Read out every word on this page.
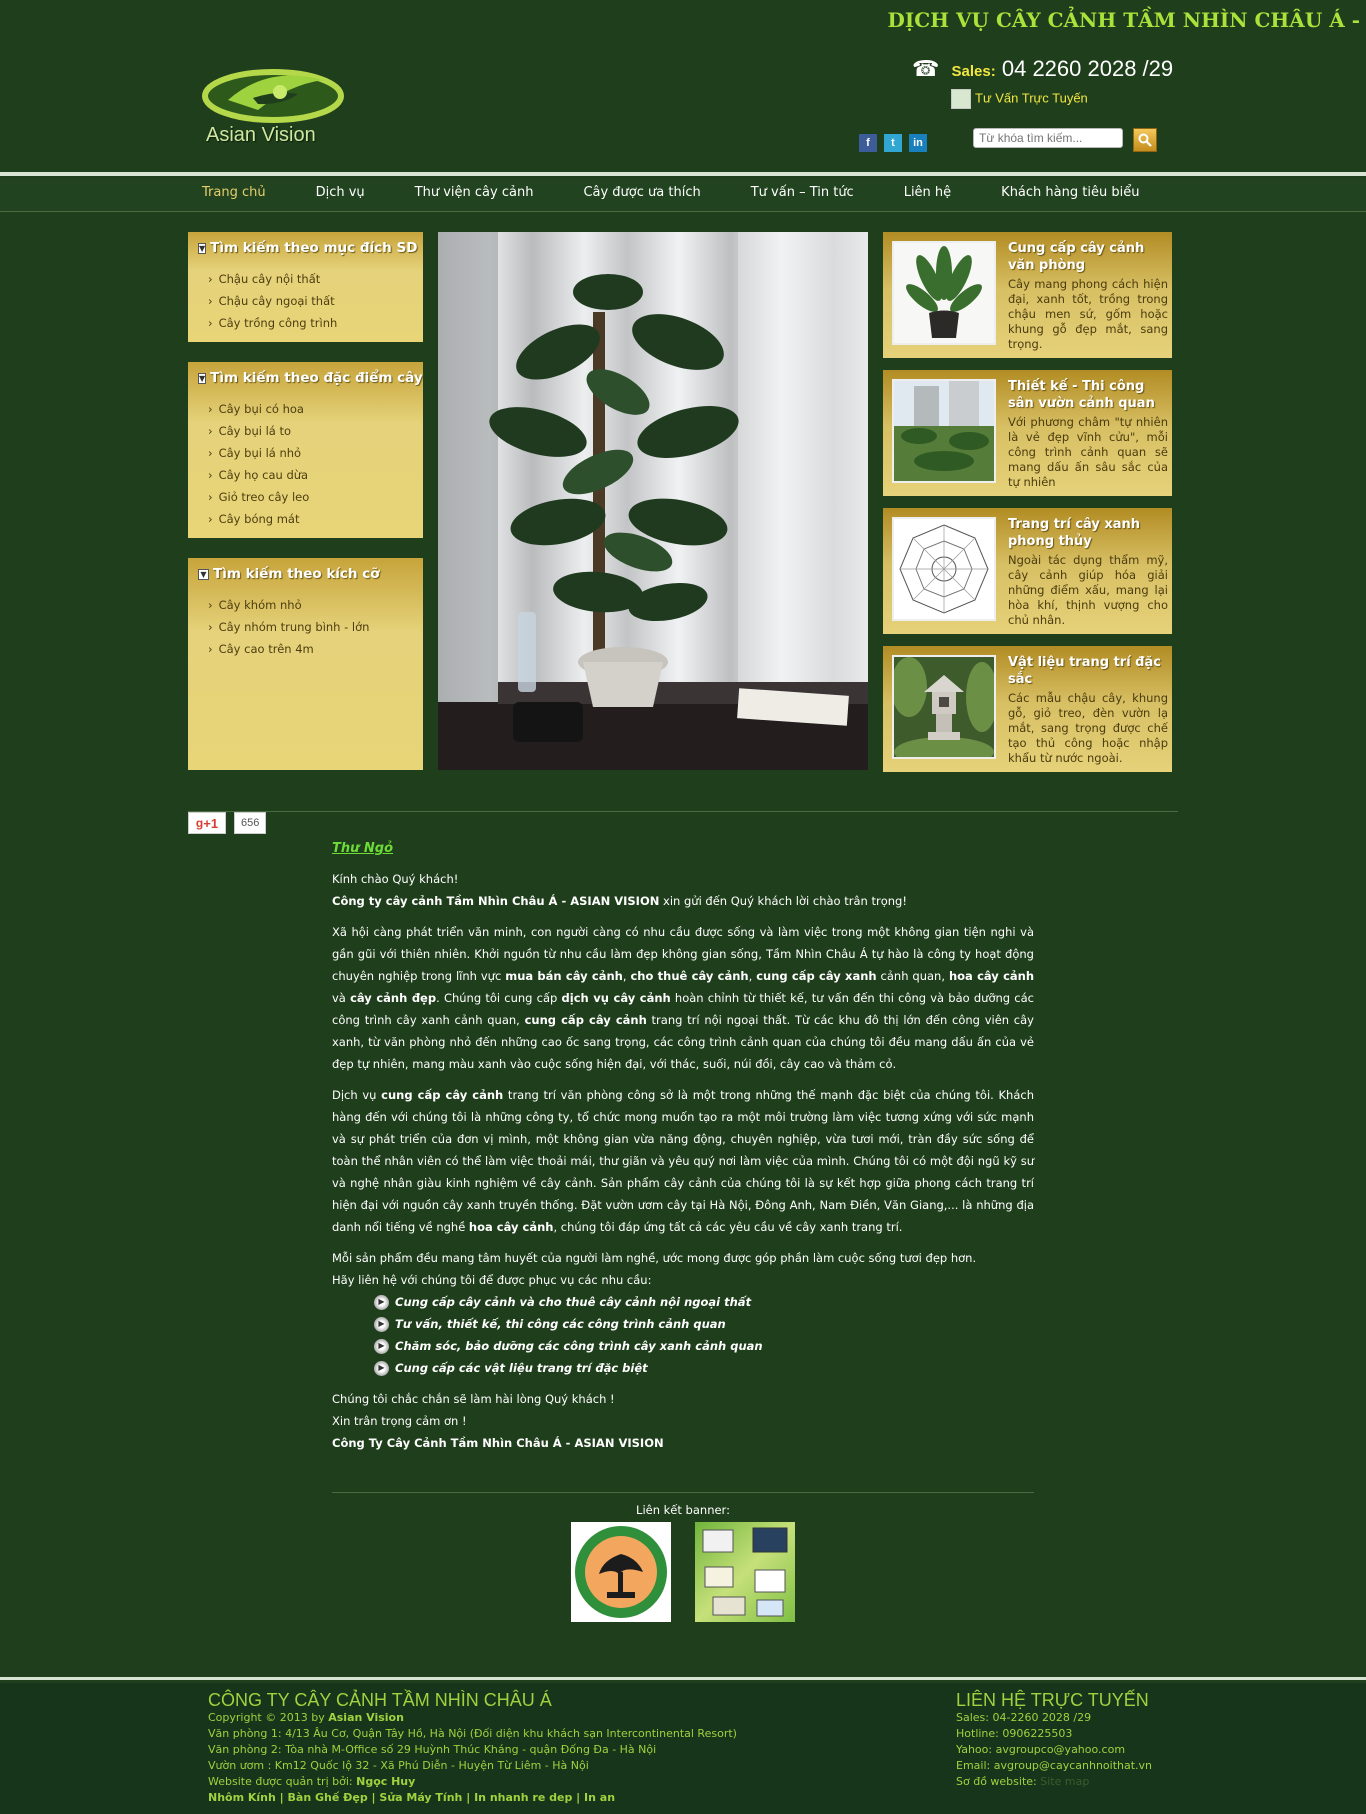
DỊCH VỤ CÂY CẢNH TẦM NHÌN CHÂU Á -
Asian Vision
☎ Sales: 04 2260 2028 /29
Tư Vấn Trực Tuyến
f	t	in
Từ khóa tìm kiếm...
Trang chủ	Dịch vụ	Thư viện cây cảnh	Cây được ưa thích	Tư vấn – Tin tức	Liên hệ	Khách hàng tiêu biểu
▼ Tìm kiếm theo mục đích SD
› Chậu cây nội thất
› Chậu cây ngoại thất
› Cây trồng công trình
▼ Tìm kiếm theo đặc điểm cây
› Cây bụi có hoa
› Cây bụi lá to
› Cây bụi lá nhỏ
› Cây họ cau dừa
› Giỏ treo cây leo
› Cây bóng mát
▼ Tìm kiếm theo kích cỡ
› Cây khóm nhỏ
› Cây nhóm trung bình - lớn
› Cây cao trên 4m
Cung cấp cây cảnh văn phòng
Cây mang phong cách hiện đại, xanh tốt, trồng trong chậu men sứ, gốm hoặc khung gỗ đẹp mắt, sang trọng.
Thiết kế - Thi công sân vườn cảnh quan
Với phương châm "tự nhiên là vẻ đẹp vĩnh cửu", mỗi công trình cảnh quan sẽ mang dấu ấn sâu sắc của tự nhiên
Trang trí cây xanh phong thủy
Ngoài tác dụng thẩm mỹ, cây cảnh giúp hóa giải những điểm xấu, mang lại hòa khí, thịnh vượng cho chủ nhân.
Vật liệu trang trí đặc sắc
Các mẫu chậu cây, khung gỗ, giỏ treo, đèn vườn lạ mắt, sang trọng được chế tạo thủ công hoặc nhập khẩu từ nước ngoài.
g +1	656
Thư Ngỏ

Kính chào Quý khách!

Công ty cây cảnh Tầm Nhìn Châu Á - ASIAN VISION xin gửi đến Quý khách lời chào trân trọng!

Xã hội càng phát triển văn minh, con người càng có nhu cầu được sống và làm việc trong một không gian tiện nghi và gần gũi với thiên nhiên. Khởi nguồn từ nhu cầu làm đẹp không gian sống, Tầm Nhìn Châu Á tự hào là công ty hoạt động chuyên nghiệp trong lĩnh vực mua bán cây cảnh, cho thuê cây cảnh, cung cấp cây xanh cảnh quan, hoa cây cảnh và cây cảnh đẹp. Chúng tôi cung cấp dịch vụ cây cảnh hoàn chỉnh từ thiết kế, tư vấn đến thi công và bảo dưỡng các công trình cây xanh cảnh quan, cung cấp cây cảnh trang trí nội ngoại thất. Từ các khu đô thị lớn đến công viên cây xanh, từ văn phòng nhỏ đến những cao ốc sang trọng, các công trình cảnh quan của chúng tôi đều mang dấu ấn của vẻ đẹp tự nhiên, mang màu xanh vào cuộc sống hiện đại, với thác, suối, núi đồi, cây cao và thảm cỏ.

Dịch vụ cung cấp cây cảnh trang trí văn phòng công sở là một trong những thế mạnh đặc biệt của chúng tôi. Khách hàng đến với chúng tôi là những công ty, tổ chức mong muốn tạo ra một môi trường làm việc tương xứng với sức mạnh và sự phát triển của đơn vị mình, một không gian vừa năng động, chuyên nghiệp, vừa tươi mới, tràn đầy sức sống để toàn thể nhân viên có thể làm việc thoải mái, thư giãn và yêu quý nơi làm việc của mình. Chúng tôi có một đội ngũ kỹ sư và nghệ nhân giàu kinh nghiệm về cây cảnh. Sản phẩm cây cảnh của chúng tôi là sự kết hợp giữa phong cách trang trí hiện đại với nguồn cây xanh truyền thống. Đặt vườn ươm cây tại Hà Nội, Đông Anh, Nam Điền, Văn Giang,... là những địa danh nổi tiếng về nghề hoa cây cảnh, chúng tôi đáp ứng tất cả các yêu cầu về cây xanh trang trí.

Mỗi sản phẩm đều mang tâm huyết của người làm nghề, ước mong được góp phần làm cuộc sống tươi đẹp hơn.

Hãy liên hệ với chúng tôi để được phục vụ các nhu cầu:

▶ Cung cấp cây cảnh và cho thuê cây cảnh nội ngoại thất
▶ Tư vấn, thiết kế, thi công các công trình cảnh quan
▶ Chăm sóc, bảo dưỡng các công trình cây xanh cảnh quan
▶ Cung cấp các vật liệu trang trí đặc biệt

Chúng tôi chắc chắn sẽ làm hài lòng Quý khách !

Xin trân trọng cảm ơn !

Công Ty Cây Cảnh Tầm Nhìn Châu Á - ASIAN VISION

Liên kết banner:
CÔNG TY CÂY CẢNH TẦM NHÌN CHÂU Á
Copyright © 2013 by Asian Vision
Văn phòng 1: 4/13 Âu Cơ, Quận Tây Hồ, Hà Nội (Đối diện khu khách sạn Intercontinental Resort)
Văn phòng 2: Tòa nhà M-Office số 29 Huỳnh Thúc Kháng - quận Đống Đa - Hà Nội
Vườn ươm : Km12 Quốc lộ 32 - Xã Phú Diễn - Huyện Từ Liêm - Hà Nội
Website được quản trị bởi: Ngọc Huy
Nhôm Kính | Bàn Ghế Đẹp | Sửa Máy Tính | In nhanh re dep | In an
LIÊN HỆ TRỰC TUYẾN
Sales: 04-2260 2028 /29
Hotline: 0906225503
Yahoo: avgroupco@yahoo.com
Email: avgroup@caycanhnoithat.vn
Sơ đồ website: Site map
